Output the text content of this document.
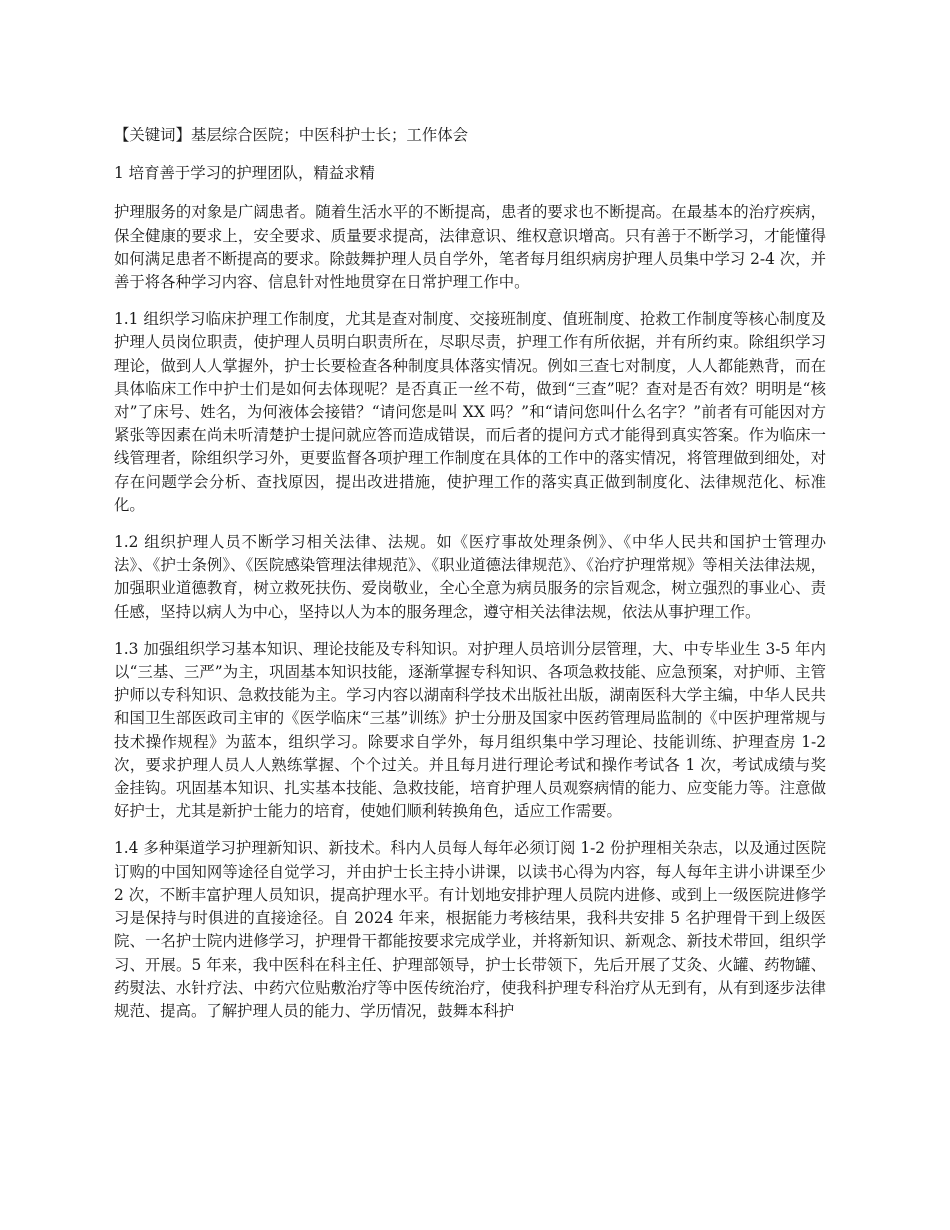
【关键词】基层综合医院；中医科护士长；工作体会

1 培育善于学习的护理团队，精益求精

护理服务的对象是广阔患者。随着生活水平的不断提高，患者的要求也不断提高。在最基本的治疗疾病，保全健康的要求上，安全要求、质量要求提高，法律意识、维权意识增高。只有善于不断学习，才能懂得如何满足患者不断提高的要求。除鼓舞护理人员自学外，笔者每月组织病房护理人员集中学习 2-4 次，并善于将各种学习内容、信息针对性地贯穿在日常护理工作中。

1.1 组织学习临床护理工作制度，尤其是查对制度、交接班制度、值班制度、抢救工作制度等核心制度及护理人员岗位职责，使护理人员明白职责所在，尽职尽责，护理工作有所依据，并有所约束。除组织学习理论，做到人人掌握外，护士长要检查各种制度具体落实情况。例如三查七对制度，人人都能熟背，而在具体临床工作中护士们是如何去体现呢？是否真正一丝不苟，做到“三查”呢？查对是否有效？明明是“核对”了床号、姓名，为何液体会接错？“请问您是叫 XX 吗？”和“请问您叫什么名字？”前者有可能因对方紧张等因素在尚未听清楚护士提问就应答而造成错误，而后者的提问方式才能得到真实答案。作为临床一线管理者，除组织学习外，更要监督各项护理工作制度在具体的工作中的落实情况，将管理做到细处，对存在问题学会分析、查找原因，提出改进措施，使护理工作的落实真正做到制度化、法律规范化、标准化。

1.2 组织护理人员不断学习相关法律、法规。如《医疗事故处理条例》、《中华人民共和国护士管理办法》、《护士条例》、《医院感染管理法律规范》、《职业道德法律规范》、《治疗护理常规》等相关法律法规，加强职业道德教育，树立救死扶伤、爱岗敬业，全心全意为病员服务的宗旨观念，树立强烈的事业心、责任感，坚持以病人为中心，坚持以人为本的服务理念，遵守相关法律法规，依法从事护理工作。

1.3 加强组织学习基本知识、理论技能及专科知识。对护理人员培训分层管理，大、中专毕业生 3-5 年内以“三基、三严”为主，巩固基本知识技能，逐渐掌握专科知识、各项急救技能、应急预案，对护师、主管护师以专科知识、急救技能为主。学习内容以湖南科学技术出版社出版，湖南医科大学主编，中华人民共和国卫生部医政司主审的《医学临床“三基”训练》护士分册及国家中医药管理局监制的《中医护理常规与技术操作规程》为蓝本，组织学习。除要求自学外，每月组织集中学习理论、技能训练、护理查房 1-2 次，要求护理人员人人熟练掌握、个个过关。并且每月进行理论考试和操作考试各 1 次，考试成绩与奖金挂钩。巩固基本知识、扎实基本技能、急救技能，培育护理人员观察病情的能力、应变能力等。注意做好护士，尤其是新护士能力的培育，使她们顺利转换角色，适应工作需要。

1.4 多种渠道学习护理新知识、新技术。科内人员每人每年必须订阅 1-2 份护理相关杂志，以及通过医院订购的中国知网等途径自觉学习，并由护士长主持小讲课，以读书心得为内容，每人每年主讲小讲课至少 2 次，不断丰富护理人员知识，提高护理水平。有计划地安排护理人员院内进修、或到上一级医院进修学习是保持与时俱进的直接途径。自 2024 年来，根据能力考核结果，我科共安排 5 名护理骨干到上级医院、一名护士院内进修学习，护理骨干都能按要求完成学业，并将新知识、新观念、新技术带回，组织学习、开展。5 年来，我中医科在科主任、护理部领导，护士长带领下，先后开展了艾灸、火罐、药物罐、药熨法、水针疗法、中药穴位贴敷治疗等中医传统治疗，使我科护理专科治疗从无到有，从有到逐步法律规范、提高。了解护理人员的能力、学历情况，鼓舞本科护
